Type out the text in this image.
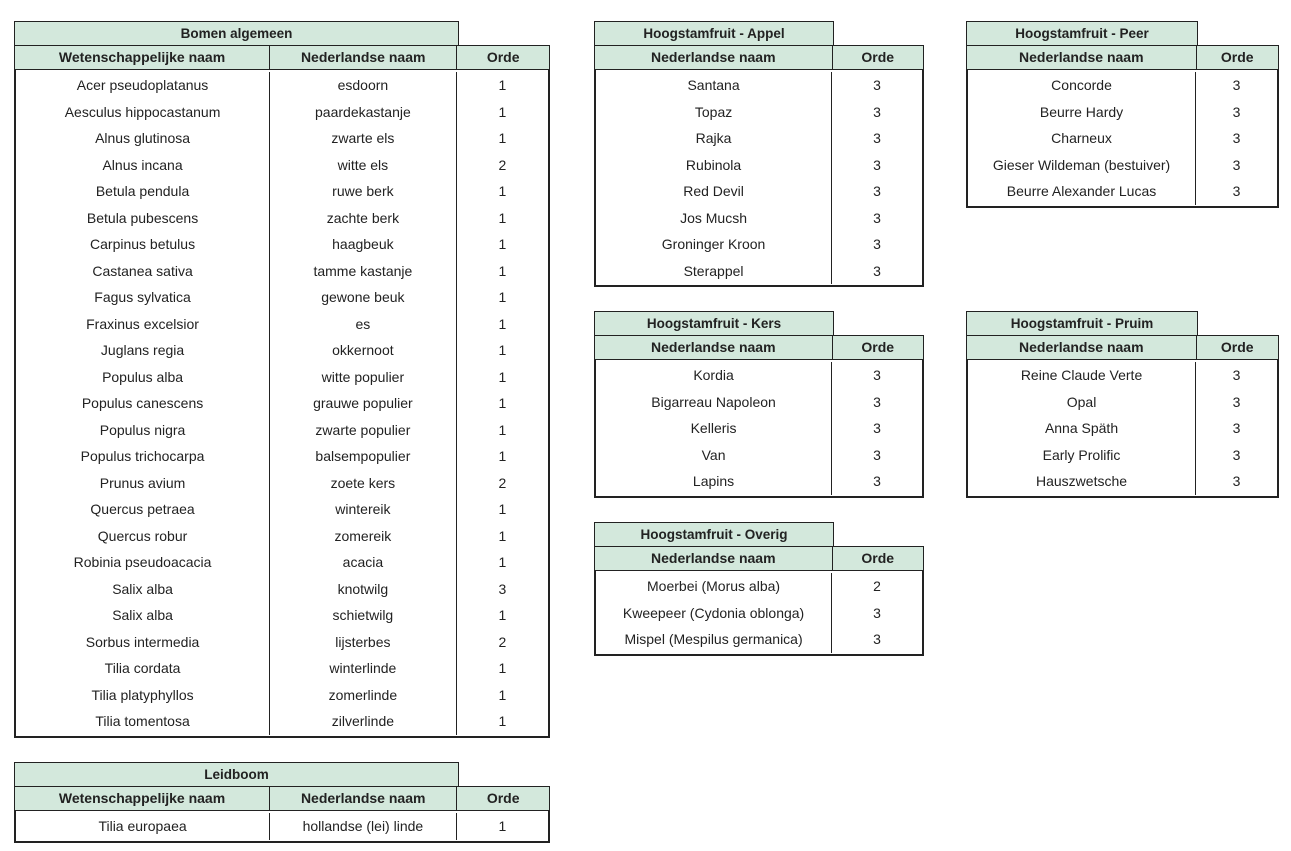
Bomen algemeen
Wetenschappelijke naam	Nederlandse naam	Orde
Acer pseudoplatanus	esdoorn	1
Aesculus hippocastanum	paardekastanje	1
Alnus glutinosa	zwarte els	1
Alnus incana	witte els	2
Betula pendula	ruwe berk	1
Betula pubescens	zachte berk	1
Carpinus betulus	haagbeuk	1
Castanea sativa	tamme kastanje	1
Fagus sylvatica	gewone beuk	1
Fraxinus excelsior	es	1
Juglans regia	okkernoot	1
Populus alba	witte populier	1
Populus canescens	grauwe populier	1
Populus nigra	zwarte populier	1
Populus trichocarpa	balsempopulier	1
Prunus avium	zoete kers	2
Quercus petraea	wintereik	1
Quercus robur	zomereik	1
Robinia pseudoacacia	acacia	1
Salix alba	knotwilg	3
Salix alba	schietwilg	1
Sorbus intermedia	lijsterbes	2
Tilia cordata	winterlinde	1
Tilia platyphyllos	zomerlinde	1
Tilia tomentosa	zilverlinde	1
Leidboom
Wetenschappelijke naam	Nederlandse naam	Orde
Tilia europaea	hollandse (lei) linde	1
Hoogstamfruit - Appel
Nederlandse naam	Orde
Santana	3
Topaz	3
Rajka	3
Rubinola	3
Red Devil	3
Jos Mucsh	3
Groninger Kroon	3
Sterappel	3
Hoogstamfruit - Peer
Nederlandse naam	Orde
Concorde	3
Beurre Hardy	3
Charneux	3
Gieser Wildeman (bestuiver)	3
Beurre Alexander Lucas	3
Hoogstamfruit - Kers
Nederlandse naam	Orde
Kordia	3
Bigarreau Napoleon	3
Kelleris	3
Van	3
Lapins	3
Hoogstamfruit - Pruim
Nederlandse naam	Orde
Reine Claude Verte	3
Opal	3
Anna Späth	3
Early Prolific	3
Hauszwetsche	3
Hoogstamfruit - Overig
Nederlandse naam	Orde
Moerbei (Morus alba)	2
Kweepeer (Cydonia oblonga)	3
Mispel (Mespilus germanica)	3
